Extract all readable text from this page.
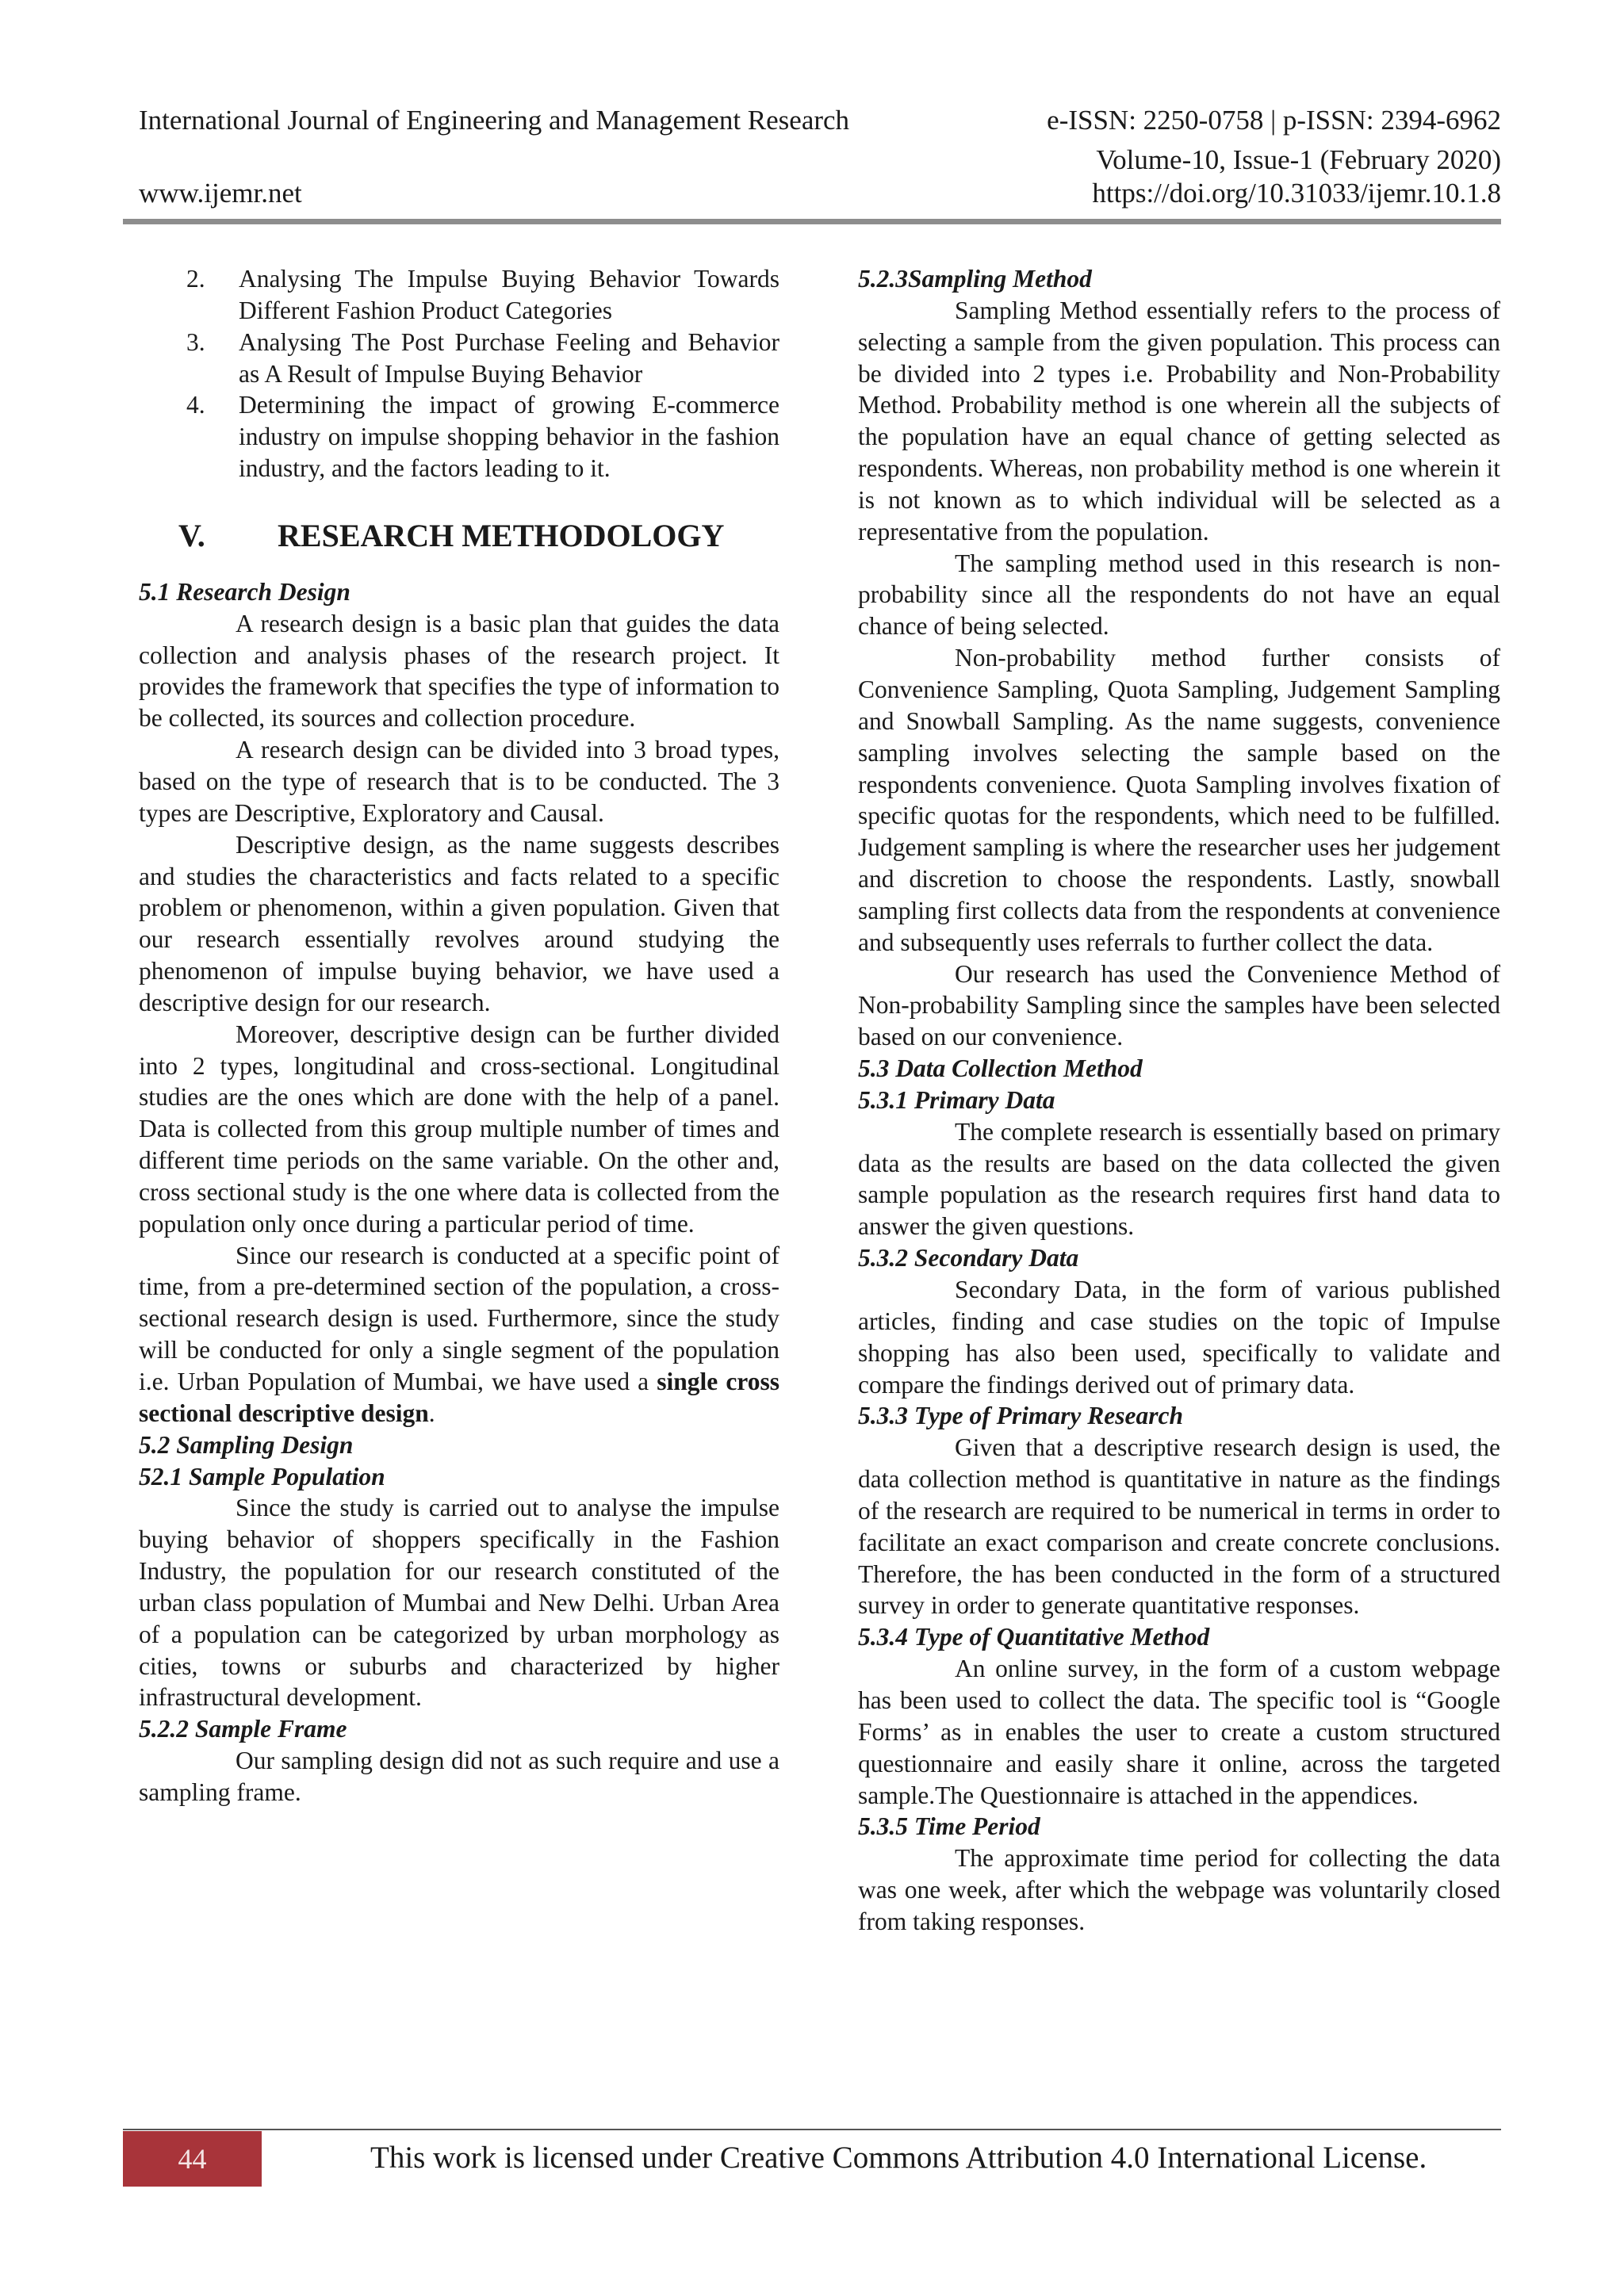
International Journal of Engineering and Management Research	e-ISSN: 2250-0758 | p-ISSN: 2394-6962
Volume-10, Issue-1 (February 2020)
www.ijemr.net	https://doi.org/10.31033/ijemr.10.1.8
2. Analysing The Impulse Buying Behavior Towards Different Fashion Product Categories
3. Analysing The Post Purchase Feeling and Behavior as A Result of Impulse Buying Behavior
4. Determining the impact of growing E-commerce industry on impulse shopping behavior in the fashion industry, and the factors leading to it.
V. RESEARCH METHODOLOGY

5.1 Research Design

A research design is a basic plan that guides the data collection and analysis phases of the research project. It provides the framework that specifies the type of information to be collected, its sources and collection procedure.

A research design can be divided into 3 broad types, based on the type of research that is to be conducted. The 3 types are Descriptive, Exploratory and Causal.

Descriptive design, as the name suggests describes and studies the characteristics and facts related to a specific problem or phenomenon, within a given population. Given that our research essentially revolves around studying the phenomenon of impulse buying behavior, we have used a descriptive design for our research.

Moreover, descriptive design can be further divided into 2 types, longitudinal and cross-sectional. Longitudinal studies are the ones which are done with the help of a panel. Data is collected from this group multiple number of times and different time periods on the same variable. On the other and, cross sectional study is the one where data is collected from the population only once during a particular period of time.

Since our research is conducted at a specific point of time, from a pre-determined section of the population, a cross-sectional research design is used. Furthermore, since the study will be conducted for only a single segment of the population i.e. Urban Population of Mumbai, we have used a single cross sectional descriptive design.

5.2 Sampling Design

52.1 Sample Population

Since the study is carried out to analyse the impulse buying behavior of shoppers specifically in the Fashion Industry, the population for our research constituted of the urban class population of Mumbai and New Delhi. Urban Area of a population can be categorized by urban morphology as cities, towns or suburbs and characterized by higher infrastructural development.

5.2.2 Sample Frame

Our sampling design did not as such require and use a sampling frame.

5.2.3Sampling Method

Sampling Method essentially refers to the process of selecting a sample from the given population. This process can be divided into 2 types i.e. Probability and Non-Probability Method. Probability method is one wherein all the subjects of the population have an equal chance of getting selected as respondents. Whereas, non probability method is one wherein it is not known as to which individual will be selected as a representative from the population.

The sampling method used in this research is non-probability since all the respondents do not have an equal chance of being selected.

Non-probability method further consists of Convenience Sampling, Quota Sampling, Judgement Sampling and Snowball Sampling. As the name suggests, convenience sampling involves selecting the sample based on the respondents convenience. Quota Sampling involves fixation of specific quotas for the respondents, which need to be fulfilled. Judgement sampling is where the researcher uses her judgement and discretion to choose the respondents. Lastly, snowball sampling first collects data from the respondents at convenience and subsequently uses referrals to further collect the data.

Our research has used the Convenience Method of Non-probability Sampling since the samples have been selected based on our convenience.

5.3 Data Collection Method

5.3.1 Primary Data

The complete research is essentially based on primary data as the results are based on the data collected the given sample population as the research requires first hand data to answer the given questions.

5.3.2 Secondary Data

Secondary Data, in the form of various published articles, finding and case studies on the topic of Impulse shopping has also been used, specifically to validate and compare the findings derived out of primary data.

5.3.3 Type of Primary Research

Given that a descriptive research design is used, the data collection method is quantitative in nature as the findings of the research are required to be numerical in terms in order to facilitate an exact comparison and create concrete conclusions. Therefore, the has been conducted in the form of a structured survey in order to generate quantitative responses.

5.3.4 Type of Quantitative Method

An online survey, in the form of a custom webpage has been used to collect the data. The specific tool is “Google Forms’ as in enables the user to create a custom structured questionnaire and easily share it online, across the targeted sample.The Questionnaire is attached in the appendices.

5.3.5 Time Period

The approximate time period for collecting the data was one week, after which the webpage was voluntarily closed from taking responses.

44	This work is licensed under Creative Commons Attribution 4.0 International License.
